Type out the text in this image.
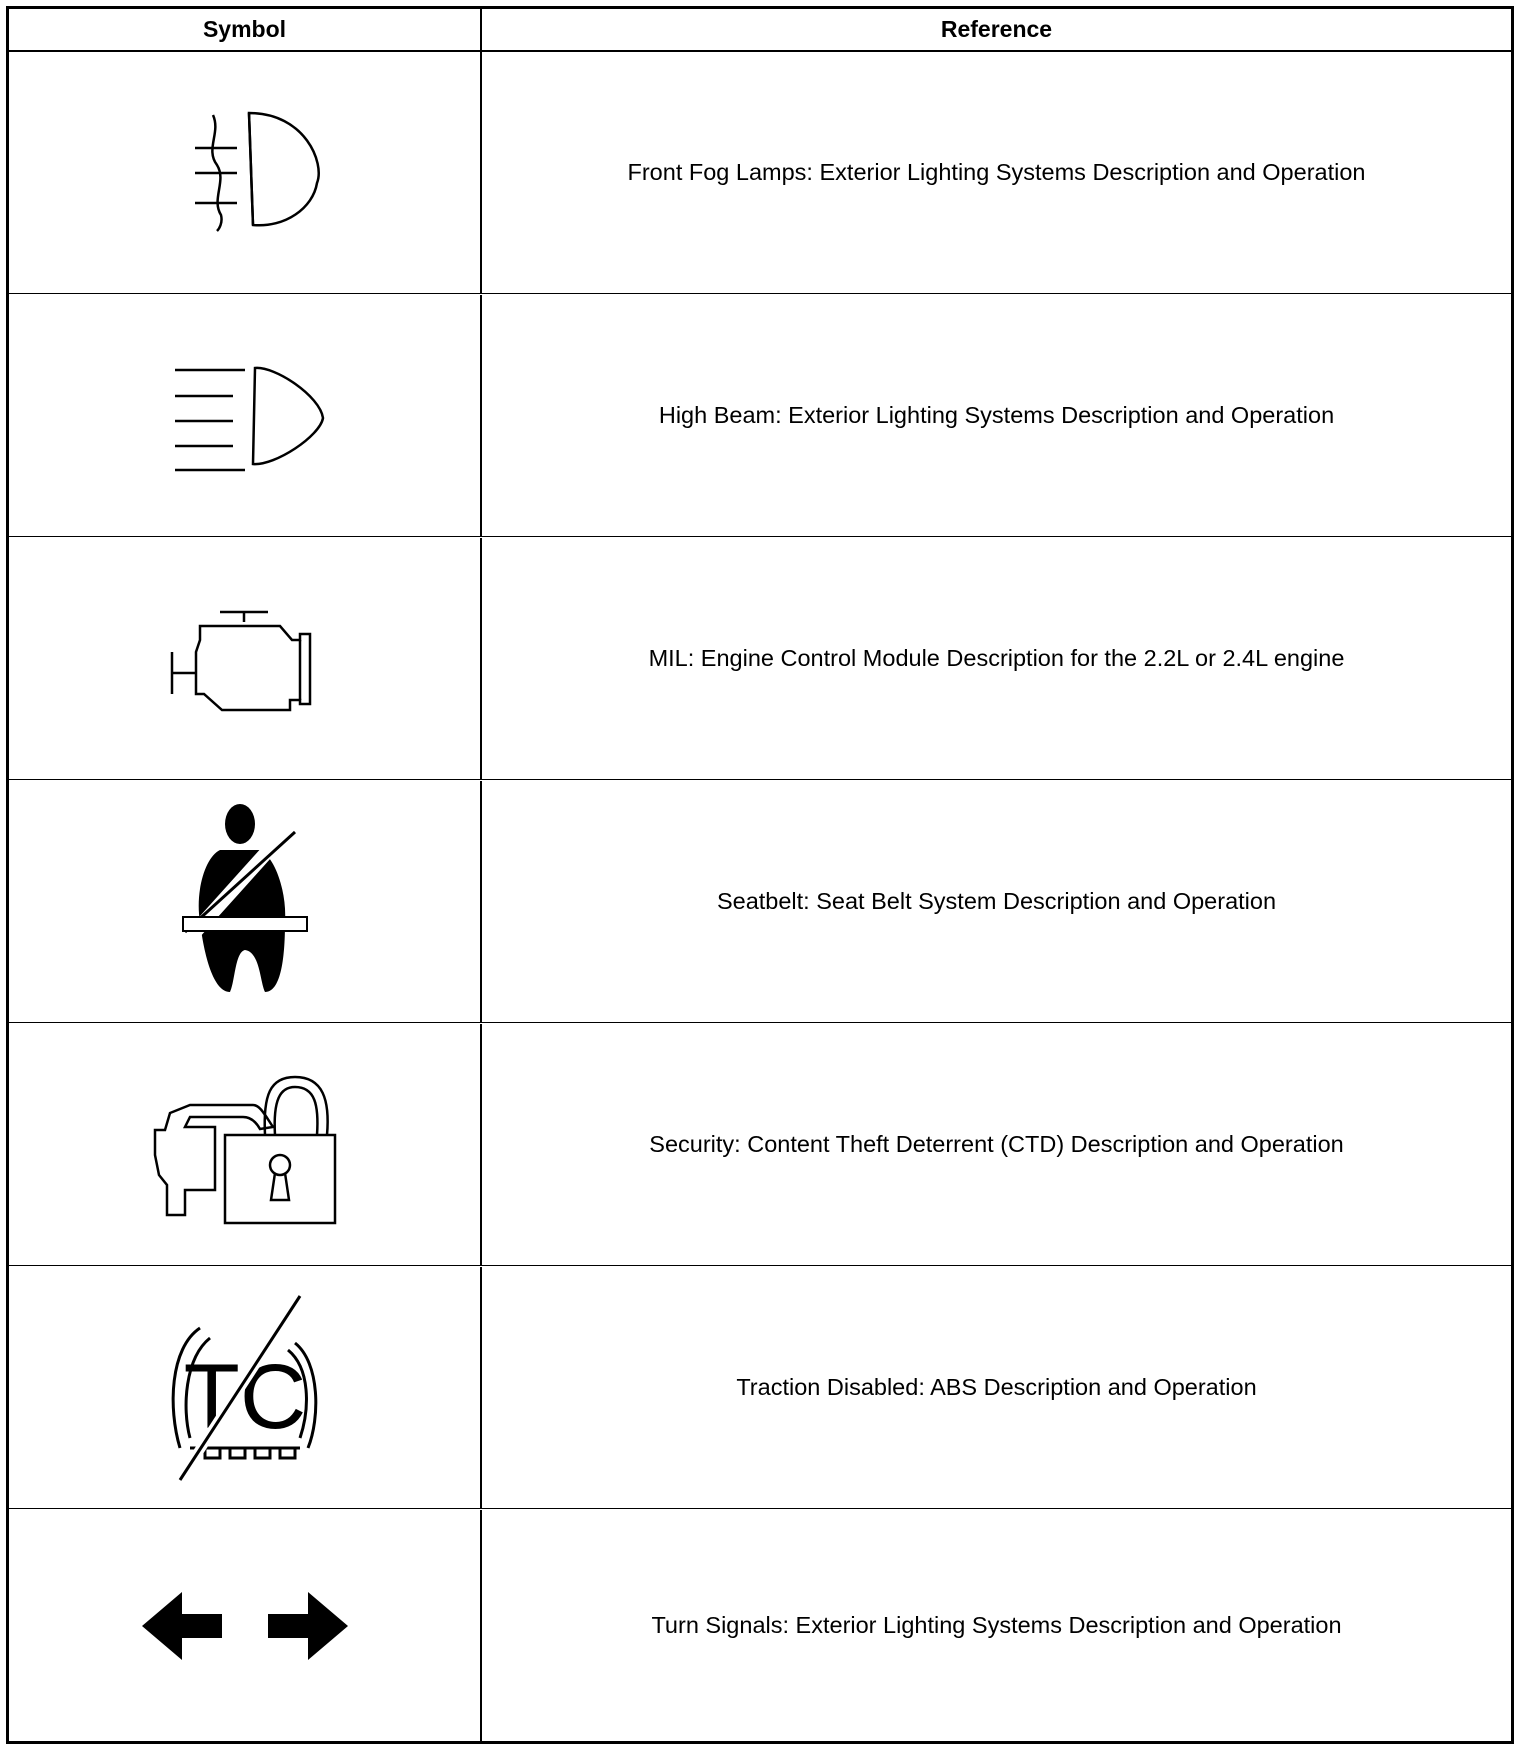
Symbol	Reference
Front Fog Lamps: Exterior Lighting Systems Description and Operation
High Beam: Exterior Lighting Systems Description and Operation
MIL: Engine Control Module Description for the 2.2L or 2.4L engine
Seatbelt: Seat Belt System Description and Operation
Security: Content Theft Deterrent (CTD) Description and Operation
TC	Traction Disabled: ABS Description and Operation
Turn Signals: Exterior Lighting Systems Description and Operation
